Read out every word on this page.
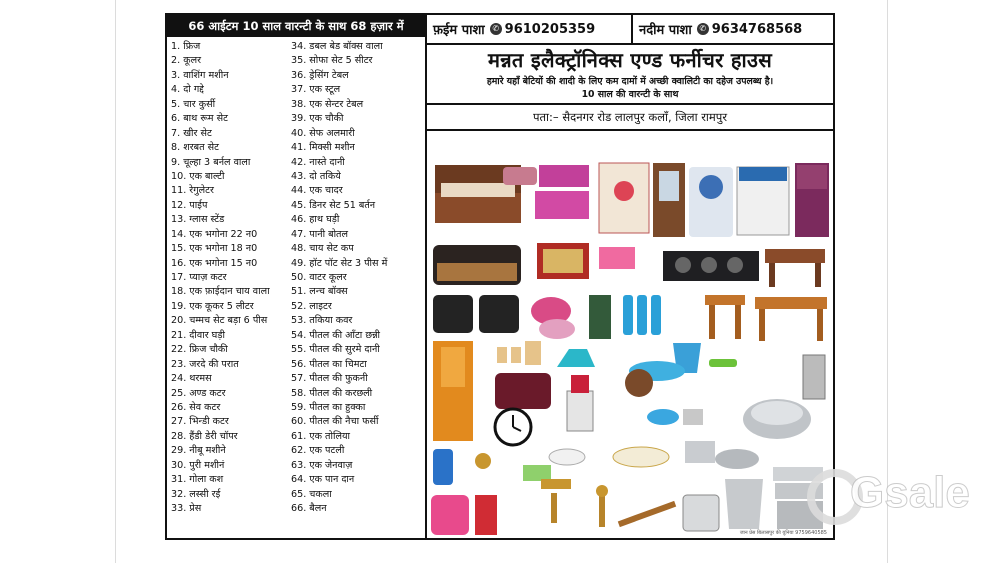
66 आईटम 10 साल वारन्टी के साथ 68 हज़ार में
1. फ्रिज
2. कूलर
3. वाशिंग मशीन
4. दो गद्दे
5. चार कुर्सी
6. बाथ रूम सेट
7. खीर सेट
8. शरबत सेट
9. चूल्हा 3 बर्नल वाला
10. एक बाल्टी
11. रेगुलेटर
12. पाईप
13. ग्लास स्टेंड
14. एक भगोना 22 न0
15. एक भगोना 18 न0
16. एक भगोना 15 न0
17. प्याज़ कटर
18. एक फ़ाईदान चाय वाला
19. एक कूकर 5 लीटर
20. चम्मच सेट बड़ा 6 पीस
21. दीवार घड़ी
22. फ्रिज चौकी
23. जरदे की परात
24. थरमस
25. अण्ड कटर
26. सेव कटर
27. भिन्डी कटर
28. हैंडी डेरी चॉपर
29. नीबू मशीने
30. पुरी मशीनं
31. गोला कश
32. लस्सी रई
33. प्रेस
34. डबल बेड बॉक्स वाला
35. सोफा सेट 5 सीटर
36. ड्रेसिंग टेबल
37. एक स्टूल
38. एक सेन्टर टेबल
39. एक चौकी
40. सेफ अलमारी
41. मिक्सी मशीन
42. नास्ते दानी
43. दो तकिये
44. एक चादर
45. डिनर सेट 51 बर्तन
46. हाथ घड़ी
47. पानी बोतल
48. चाय सेट कप
49. हॉट पॉट सेट 3 पीस में
50. वाटर कूलर
51. लन्च बॉक्स
52. लाइटर
53. तकिया कवर
54. पीतल की आँटा छन्नी
55. पीतल की सुरमे दानी
56. पीतल का चिमटा
57. पीतल की फुकनी
58. पीतल की करछली
59. पीतल का हुक्का
60. पीतल की नैचा फर्सी
61. एक तोलिया
62. एक पटली
63. एक जेनवाज़
64. एक पान दान
65. चकला
66. बैलन
फ़ईम पाशा ✆ 9610205359	नदीम पाशा ✆ 9634768568
मन्नत इलैक्ट्रॉनिक्स एण्ड फर्नीचर हाउस
हमारे यहाँ बेटियों की शादी के लिए कम दामों में अच्छी क्वालिटी का दहेज उपलब्ध है।
10 साल की वारन्टी के साथ
पता:– सैदनगर रोड लालपुर कलाँ, जिला रामपुर
जान प्रेस बिलासपुर की युनिया 9759640585
Gsale
